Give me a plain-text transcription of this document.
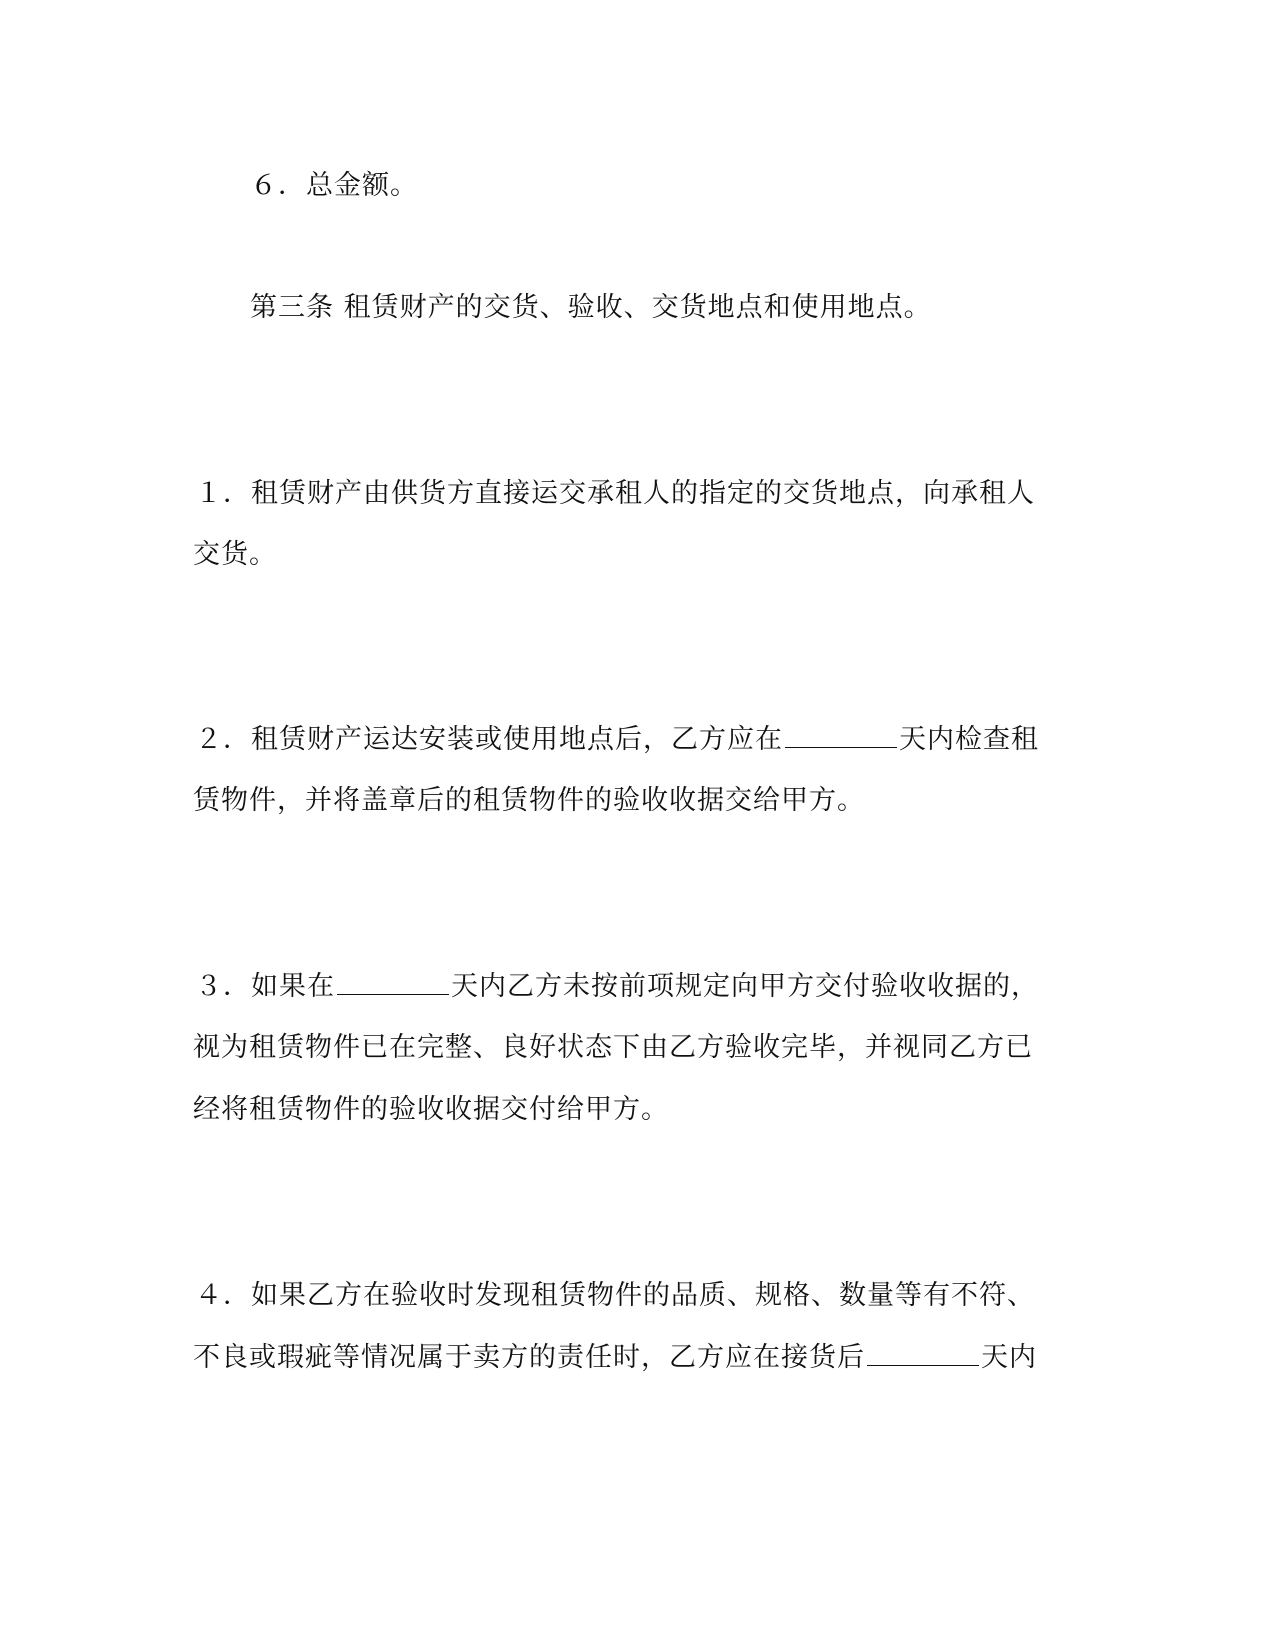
６．总金额。
第三条 租赁财产的交货、验收、交货地点和使用地点。
１．租赁财产由供货方直接运交承租人的指定的交货地点，向承租人
交货。
２．租赁财产运达安装或使用地点后，乙方应在	天内检查租
赁物件，并将盖章后的租赁物件的验收收据交给甲方。
３．如果在	天内乙方未按前项规定向甲方交付验收收据的，
视为租赁物件已在完整、良好状态下由乙方验收完毕，并视同乙方已
经将租赁物件的验收收据交付给甲方。
４．如果乙方在验收时发现租赁物件的品质、规格、数量等有不符、
不良或瑕疵等情况属于卖方的责任时，乙方应在接货后	天内
